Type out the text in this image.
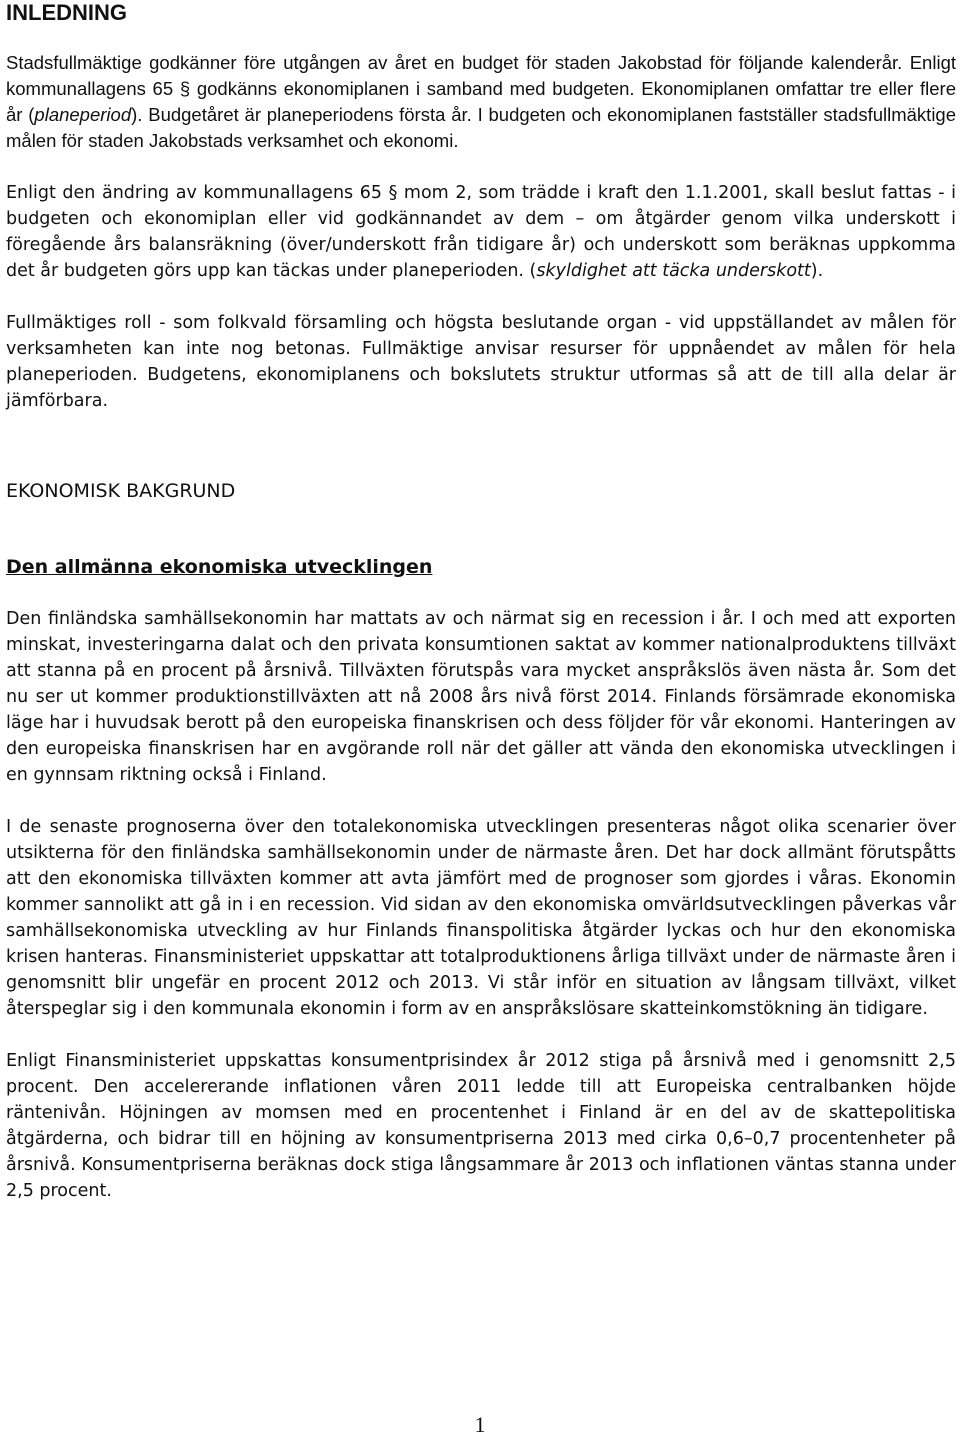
INLEDNING

Stadsfullmäktige godkänner före utgången av året en budget för staden Jakobstad för följande kalenderår. Enligt kommunallagens 65 § godkänns ekonomiplanen i samband med budgeten. Ekonomiplanen omfattar tre eller flere år (planeperiod). Budgetåret är planeperiodens första år. I budgeten och ekonomiplanen fastställer stadsfullmäktige målen för staden Jakobstads verksamhet och ekonomi.

Enligt den ändring av kommunallagens 65 § mom 2, som trädde i kraft den 1.1.2001, skall beslut fattas - i budgeten och ekonomiplan eller vid godkännandet av dem – om åtgärder genom vilka underskott i föregående års balansräkning (över/underskott från tidigare år) och underskott som beräknas uppkomma det år budgeten görs upp kan täckas under planeperioden. (skyldighet att täcka underskott).

Fullmäktiges roll - som folkvald församling och högsta beslutande organ - vid uppställandet av målen för verksamheten kan inte nog betonas. Fullmäktige anvisar resurser för uppnåendet av målen för hela planeperioden. Budgetens, ekonomiplanens och bokslutets struktur utformas så att de till alla delar är jämförbara.

EKONOMISK BAKGRUND
Den allmänna ekonomiska utvecklingen

Den finländska samhällsekonomin har mattats av och närmat sig en recession i år. I och med att exporten minskat, investeringarna dalat och den privata konsumtionen saktat av kommer nationalproduktens tillväxt att stanna på en procent på årsnivå. Tillväxten förutspås vara mycket anspråkslös även nästa år. Som det nu ser ut kommer produktionstillväxten att nå 2008 års nivå först 2014. Finlands försämrade ekonomiska läge har i huvudsak berott på den europeiska finanskrisen och dess följder för vår ekonomi. Hanteringen av den europeiska finanskrisen har en avgörande roll när det gäller att vända den ekonomiska utvecklingen i en gynnsam riktning också i Finland.

I de senaste prognoserna över den totalekonomiska utvecklingen presenteras något olika scenarier över utsikterna för den finländska samhällsekonomin under de närmaste åren. Det har dock allmänt förutspåtts att den ekonomiska tillväxten kommer att avta jämfört med de prognoser som gjordes i våras. Ekonomin kommer sannolikt att gå in i en recession. Vid sidan av den ekonomiska omvärldsutvecklingen påverkas vår samhällsekonomiska utveckling av hur Finlands finanspolitiska åtgärder lyckas och hur den ekonomiska krisen hanteras. Finansministeriet uppskattar att totalproduktionens årliga tillväxt under de närmaste åren i genomsnitt blir ungefär en procent 2012 och 2013. Vi står inför en situation av långsam tillväxt, vilket återspeglar sig i den kommunala ekonomin i form av en anspråkslösare skatteinkomstökning än tidigare.

Enligt Finansministeriet uppskattas konsumentprisindex år 2012 stiga på årsnivå med i genomsnitt 2,5 procent. Den accelererande inflationen våren 2011 ledde till att Europeiska centralbanken höjde räntenivån. Höjningen av momsen med en procentenhet i Finland är en del av de skattepolitiska åtgärderna, och bidrar till en höjning av konsumentpriserna 2013 med cirka 0,6–0,7 procentenheter på årsnivå. Konsumentpriserna beräknas dock stiga långsammare år 2013 och inflationen väntas stanna under 2,5 procent.

1
